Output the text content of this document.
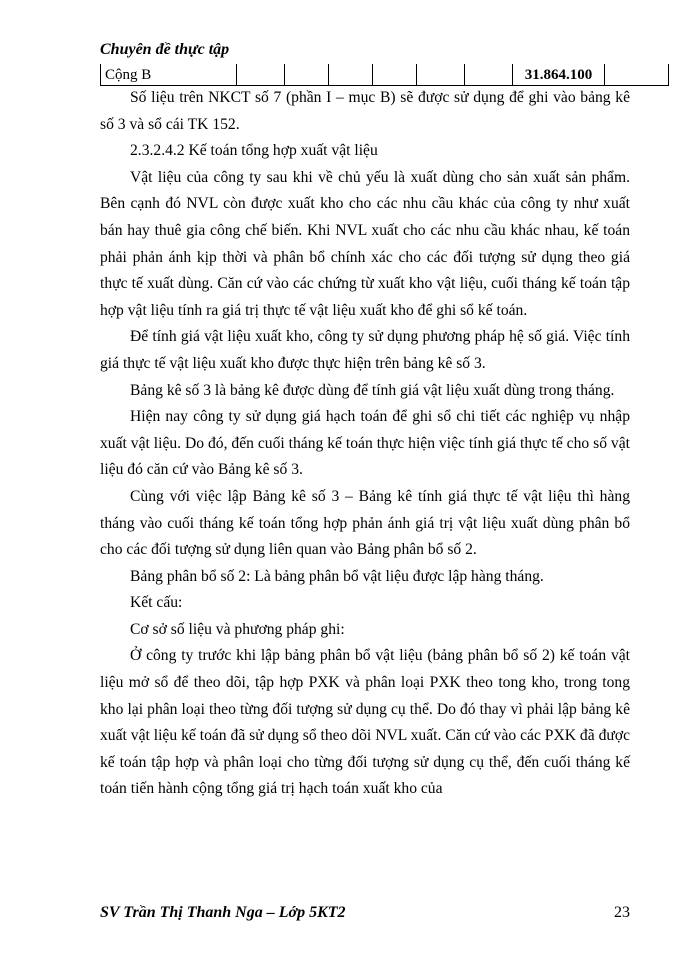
Chuyên đề thực tập
Cộng B							31.864.100	

Số liệu trên NKCT số 7 (phần I – mục B) sẽ được sử dụng để ghi vào bảng kê số 3 và sổ cái TK 152.

2.3.2.4.2 Kế toán tổng hợp xuất vật liệu

Vật liệu của công ty sau khi về chủ yếu là xuất dùng cho sản xuất sản phẩm. Bên cạnh đó NVL còn được xuất kho cho các nhu cầu khác của công ty như xuất bán hay thuê gia công chế biến. Khi NVL xuất cho các nhu cầu khác nhau, kế toán phải phản ánh kịp thời và phân bổ chính xác cho các đối tượng sử dụng theo giá thực tế xuất dùng. Căn cứ vào các chứng từ xuất kho vật liệu, cuối tháng kế toán tập hợp vật liệu tính ra giá trị thực tế vật liệu xuất kho để ghi sổ kế toán.

Để tính giá vật liệu xuất kho, công ty sử dụng phương pháp hệ số giá. Việc tính giá thực tế vật liệu xuất kho được thực hiện trên bảng kê số 3.

Bảng kê số 3 là bảng kê được dùng để tính giá vật liệu xuất dùng trong tháng.

Hiện nay công ty sử dụng giá hạch toán để ghi sổ chi tiết các nghiệp vụ nhập xuất vật liệu. Do đó, đến cuối tháng kế toán thực hiện việc tính giá thực tế cho số vật liệu đó căn cứ vào Bảng kê số 3.

Cùng với việc lập Bảng kê số 3 – Bảng kê tính giá thực tế vật liệu thì hàng tháng vào cuối tháng kế toán tổng hợp phản ánh giá trị vật liệu xuất dùng phân bổ cho các đối tượng sử dụng liên quan vào Bảng phân bổ số 2.

Bảng phân bổ số 2: Là bảng phân bổ vật liệu được lập hàng tháng.

Kết cấu:

Cơ sở số liệu và phương pháp ghi:

Ở công ty trước khi lập bảng phân bổ vật liệu (bảng phân bổ số 2) kế toán vật liệu mở sổ để theo dõi, tập hợp PXK và phân loại PXK theo tong kho, trong tong kho lại phân loại theo từng đối tượng sử dụng cụ thể. Do đó thay vì phải lập bảng kê xuất vật liệu kế toán đã sử dụng sổ theo dõi NVL xuất. Căn cứ vào các PXK đã được kế toán tập hợp và phân loại cho từng đối tượng sử dụng cụ thể, đến cuối tháng kế toán tiến hành cộng tổng giá trị hạch toán xuất kho của

SV Trần Thị Thanh Nga – Lớp 5KT2	23
